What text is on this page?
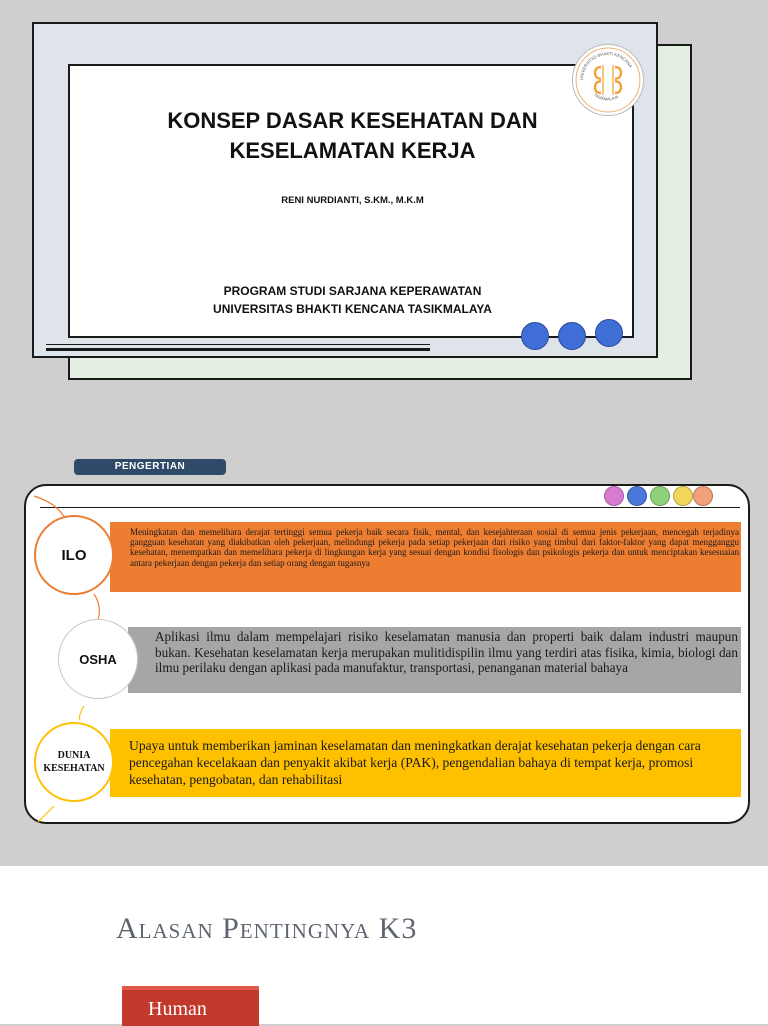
KONSEP DASAR KESEHATAN DAN
KESELAMATAN KERJA
RENI NURDIANTI, S.KM., M.K.M
PROGRAM STUDI SARJANA KEPERAWATAN
UNIVERSITAS BHAKTI KENCANA TASIKMALAYA
UNIVERSITAS BHAKTI KENCANA
TASIKMALAYA
PENGERTIAN
Meningkatan dan memelihara derajat tertinggi semua pekerja baik secara fisik, mental, dan kesejahteraan sosial di semua jenis pekerjaan, mencegah terjadinya gangguan kesehatan yang diakibatkan oleh pekerjaan, melindungi pekerja pada setiap pekerjaan dari risiko yang timbul dari faktor-faktor yang dapat mengganggu kesehatan, menempatkan dan memelihara pekerja di lingkungan kerja yang sesuai dengan kondisi fisologis dan psikologis pekerja dan untuk menciptakan kesesuaian antara pekerjaan dengan pekerja dan setiap orang dengan tugasnya
ILO
Aplikasi ilmu dalam mempelajari risiko keselamatan manusia dan properti baik dalam industri maupun bukan. Kesehatan keselamatan kerja merupakan mulitidispilin ilmu yang terdiri atas fisika, kimia, biologi dan ilmu perilaku dengan aplikasi pada manufaktur, transportasi, penanganan material bahaya
OSHA
Upaya untuk memberikan jaminan keselamatan dan meningkatkan derajat kesehatan pekerja dengan cara pencegahan kecelakaan dan penyakit akibat kerja (PAK), pengendalian bahaya di tempat kerja, promosi kesehatan, pengobatan, dan rehabilitasi
DUNIA KESEHATAN
Alasan Pentingnya K3
Human
